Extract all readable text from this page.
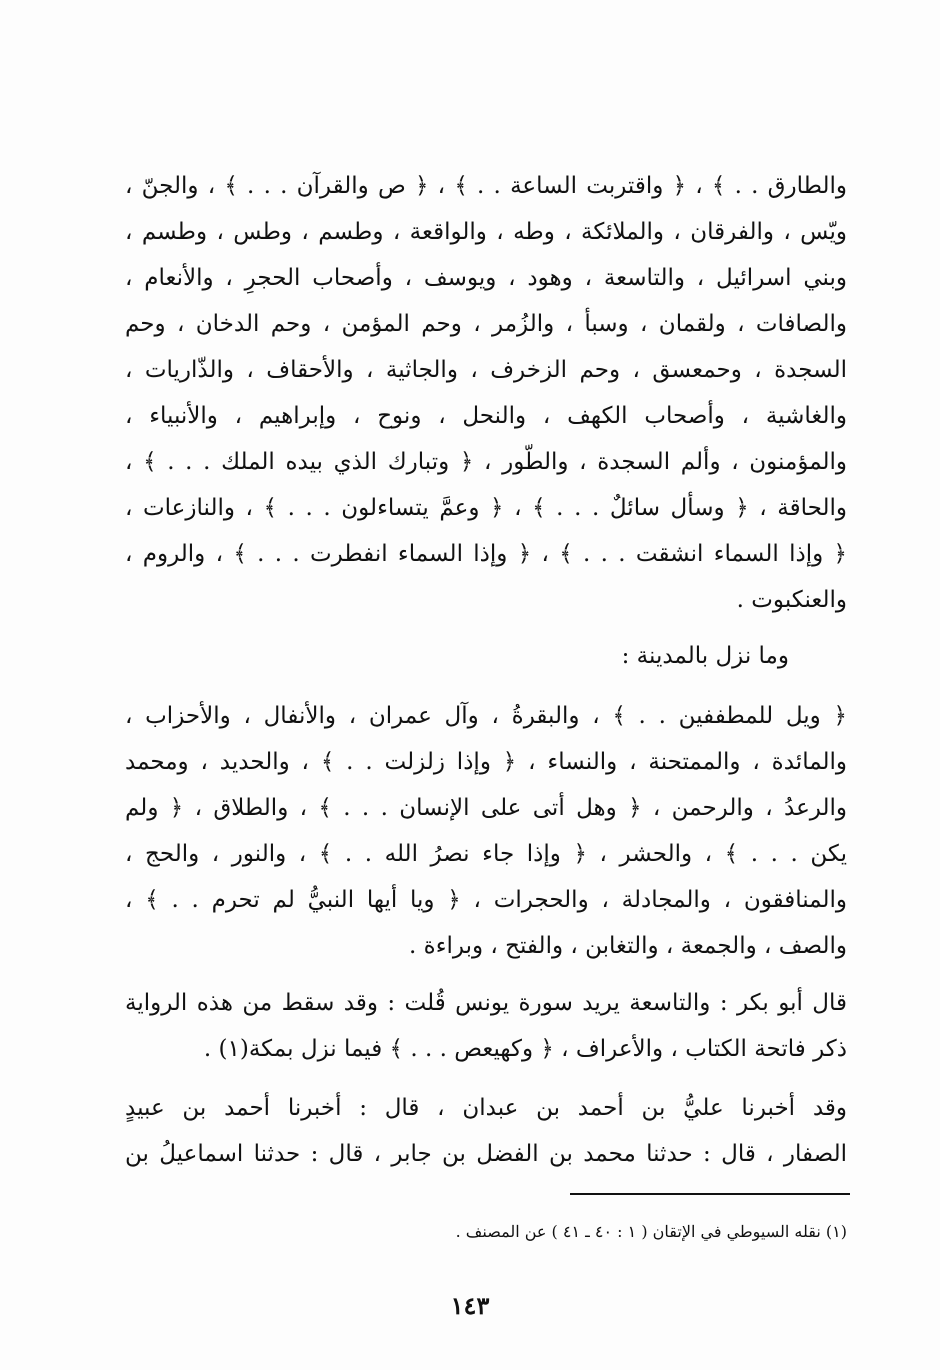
والطارق . . ﴾ ، ﴿ واقتربت الساعة . . ﴾ ، ﴿ ص والقرآن . . . ﴾ ، والجنّ ،
ويّس ، والفرقان ، والملائكة ، وطه ، والواقعة ، وطسم ، وطس ، وطسم ،
وبني اسرائيل ، والتاسعة ، وهود ، ويوسف ، وأصحاب الحجرِ ، والأنعام ،
والصافات ، ولقمان ، وسبأ ، والزُمر ، وحم المؤمن ، وحم الدخان ، وحم
السجدة ، وحمعسق ، وحم الزخرف ، والجاثية ، والأحقاف ، والذّاريات ،
والغاشية ، وأصحاب الكهف ، والنحل ، ونوح ، وإبراهيم ، والأنبياء ،
والمؤمنون ، وألم السجدة ، والطّور ، ﴿ وتبارك الذي بيده الملك . . . ﴾ ،
والحاقة ، ﴿ وسأل سائلٌ . . . ﴾ ، ﴿ وعمَّ يتساءلون . . . ﴾ ، والنازعات ،
﴿ وإذا السماء انشقت . . . ﴾ ، ﴿ وإذا السماء انفطرت . . . ﴾ ، والروم ،
والعنكبوت .
وما نزل بالمدينة :
﴿ ويل للمطففين . . ﴾ ، والبقرةُ ، وآل عمران ، والأنفال ، والأحزاب ،
والمائدة ، والممتحنة ، والنساء ، ﴿ وإذا زلزلت . . ﴾ ، والحديد ، ومحمد
والرعدُ ، والرحمن ، ﴿ وهل أتى على الإنسان . . . ﴾ ، والطلاق ، ﴿ ولم
يكن . . . ﴾ ، والحشر ، ﴿ وإذا جاء نصرُ الله . . ﴾ ، والنور ، والحج ،
والمنافقون ، والمجادلة ، والحجرات ، ﴿ ويا أيها النبيُّ لم تحرم . . ﴾ ،
والصف ، والجمعة ، والتغابن ، والفتح ، وبراءة .
قال أبو بكر : والتاسعة يريد سورة يونس قُلت : وقد سقط من هذه الرواية
ذكر فاتحة الكتاب ، والأعراف ، ﴿ وكهيعص . . . ﴾ فيما نزل بمكة(١) .
وقد أخبرنا عليُّ بن أحمد بن عبدان ، قال : أخبرنا أحمد بن عبيدٍ
الصفار ، قال : حدثنا محمد بن الفضل بن جابر ، قال : حدثنا اسماعيلُ بن
(١) نقله السيوطي في الإتقان ( ١ : ٤٠ ـ ٤١ ) عن المصنف .
١٤٣
